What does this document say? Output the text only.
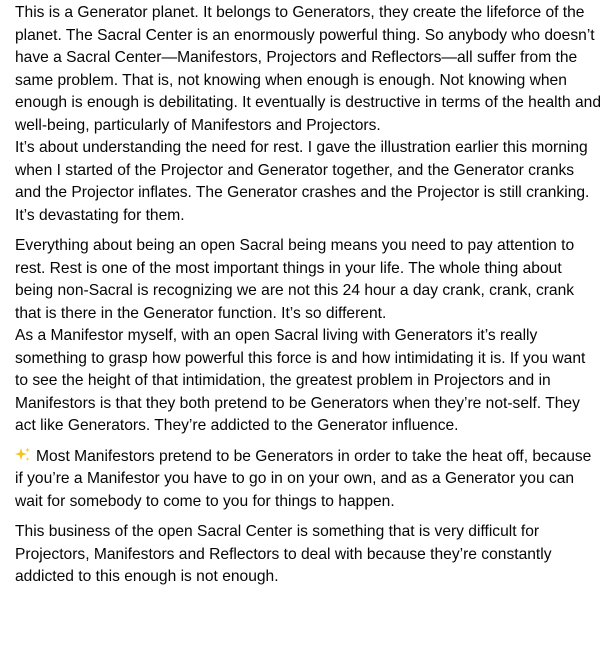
This is a Generator planet. It belongs to Generators, they create the lifeforce of the planet. The Sacral Center is an enormously powerful thing. So anybody who doesn’t have a Sacral Center—Manifestors, Projectors and Reflectors—all suffer from the same problem. That is, not knowing when enough is enough. Not knowing when enough is enough is debilitating. It eventually is destructive in terms of the health and well-being, particularly of Manifestors and Projectors.

It’s about understanding the need for rest. I gave the illustration earlier this morning when I started of the Projector and Generator together, and the Generator cranks and the Projector inflates. The Generator crashes and the Projector is still cranking. It’s devastating for them.

Everything about being an open Sacral being means you need to pay attention to rest. Rest is one of the most important things in your life. The whole thing about being non-Sacral is recognizing we are not this 24 hour a day crank, crank, crank that is there in the Generator function. It’s so different.

As a Manifestor myself, with an open Sacral living with Generators it’s really something to grasp how powerful this force is and how intimidating it is. If you want to see the height of that intimidation, the greatest problem in Projectors and in Manifestors is that they both pretend to be Generators when they’re not-self. They act like Generators. They’re addicted to the Generator influence.

Most Manifestors pretend to be Generators in order to take the heat off, because if you’re a Manifestor you have to go in on your own, and as a Generator you can wait for somebody to come to you for things to happen.

This business of the open Sacral Center is something that is very difficult for Projectors, Manifestors and Reflectors to deal with because they’re constantly addicted to this enough is not enough.
